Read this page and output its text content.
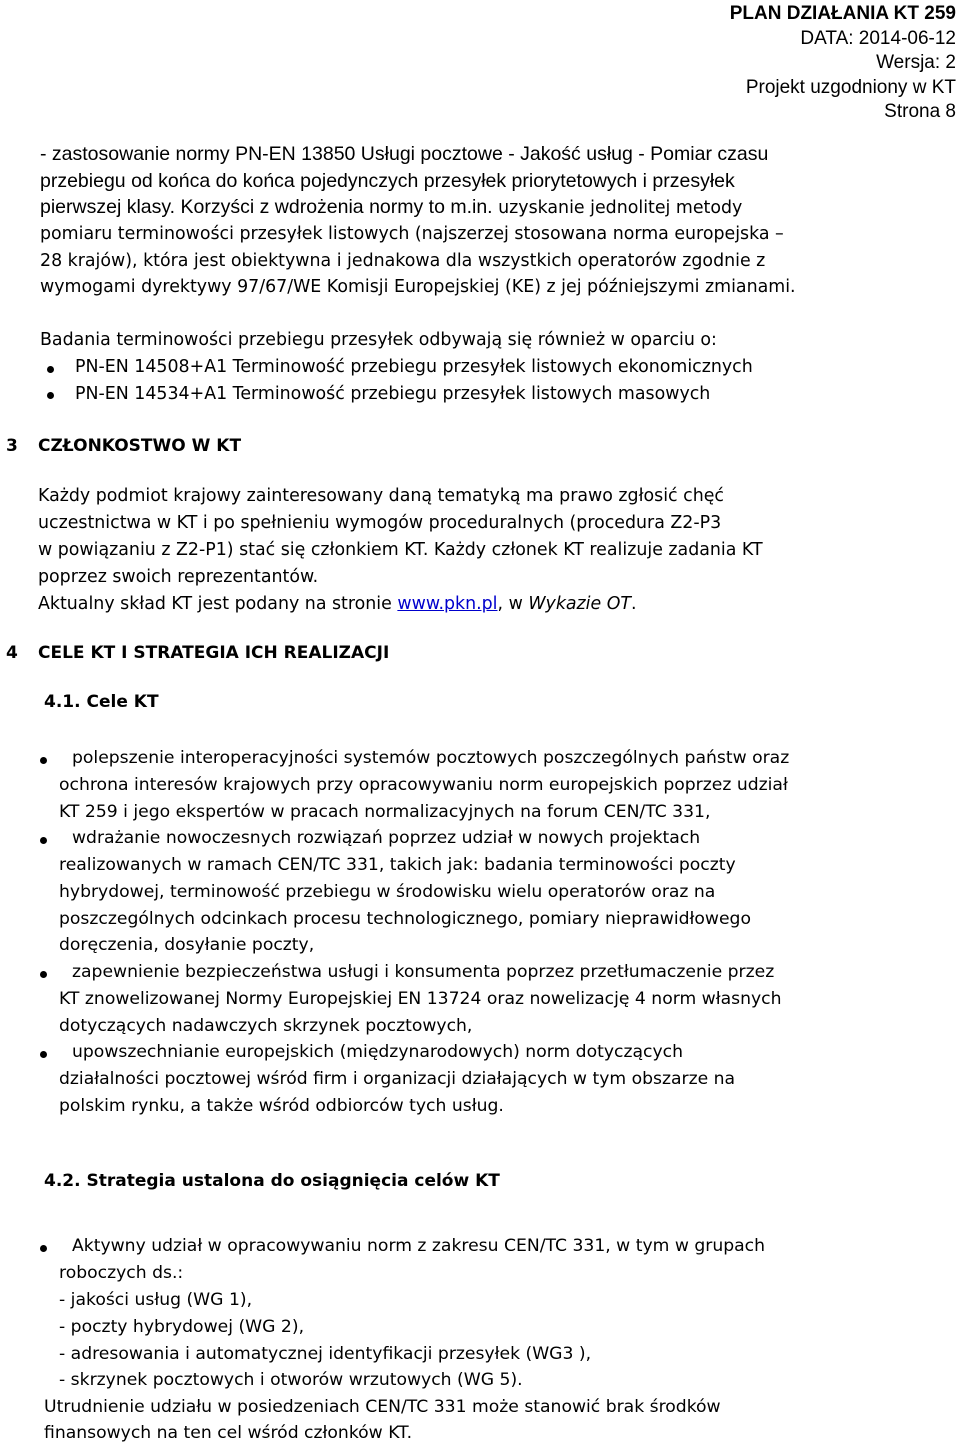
PLAN DZIAŁANIA KT 259
DATA: 2014-06-12
Wersja: 2
Projekt uzgodniony w KT
Strona 8
- zastosowanie normy PN-EN 13850 Usługi pocztowe - Jakość usług - Pomiar czasu
przebiegu od końca do końca pojedynczych przesyłek priorytetowych i przesyłek
pierwszej klasy. Korzyści z wdrożenia normy to m.in. uzyskanie jednolitej metody
pomiaru terminowości przesyłek listowych (najszerzej stosowana norma europejska –
28 krajów), która jest obiektywna i jednakowa dla wszystkich operatorów zgodnie z
wymogami dyrektywy 97/67/WE Komisji Europejskiej (KE) z jej późniejszymi zmianami.
Badania terminowości przebiegu przesyłek odbywają się również w oparciu o:
PN-EN 14508+A1 Terminowość przebiegu przesyłek listowych ekonomicznych
PN-EN 14534+A1 Terminowość przebiegu przesyłek listowych masowych
3 CZŁONKOSTWO W KT
Każdy podmiot krajowy zainteresowany daną tematyką ma prawo zgłosić chęć
uczestnictwa w KT i po spełnieniu wymogów proceduralnych (procedura Z2-P3
w powiązaniu z Z2-P1) stać się członkiem KT. Każdy członek KT realizuje zadania KT
poprzez swoich reprezentantów.
Aktualny skład KT jest podany na stronie www.pkn.pl, w Wykazie OT.
4 CELE KT I STRATEGIA ICH REALIZACJI
4.1. Cele KT
polepszenie interoperacyjności systemów pocztowych poszczególnych państw oraz
ochrona interesów krajowych przy opracowywaniu norm europejskich poprzez udział
KT 259 i jego ekspertów w pracach normalizacyjnych na forum CEN/TC 331,
wdrażanie nowoczesnych rozwiązań poprzez udział w nowych projektach
realizowanych w ramach CEN/TC 331, takich jak: badania terminowości poczty
hybrydowej, terminowość przebiegu w środowisku wielu operatorów oraz na
poszczególnych odcinkach procesu technologicznego, pomiary nieprawidłowego
doręczenia, dosyłanie poczty,
zapewnienie bezpieczeństwa usługi i konsumenta poprzez przetłumaczenie przez
KT znowelizowanej Normy Europejskiej EN 13724 oraz nowelizację 4 norm własnych
dotyczących nadawczych skrzynek pocztowych,
upowszechnianie europejskich (międzynarodowych) norm dotyczących
działalności pocztowej wśród firm i organizacji działających w tym obszarze na
polskim rynku, a także wśród odbiorców tych usług.
4.2. Strategia ustalona do osiągnięcia celów KT
Aktywny udział w opracowywaniu norm z zakresu CEN/TC 331, w tym w grupach
roboczych ds.:
- jakości usług (WG 1),
- poczty hybrydowej (WG 2),
- adresowania i automatycznej identyfikacji przesyłek (WG3 ),
- skrzynek pocztowych i otworów wrzutowych (WG 5).
Utrudnienie udziału w posiedzeniach CEN/TC 331 może stanowić brak środków
finansowych na ten cel wśród członków KT.
